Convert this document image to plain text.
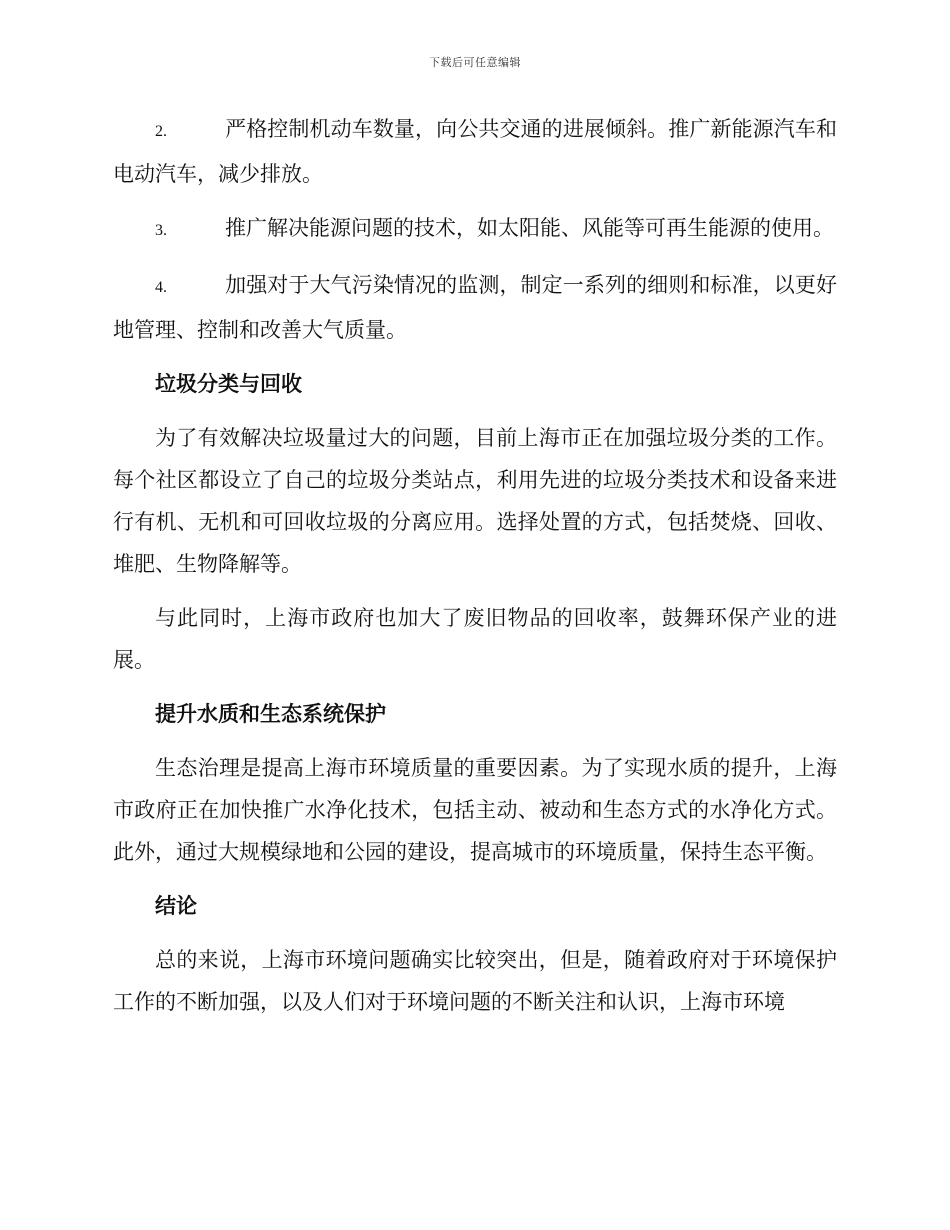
下载后可任意编辑

2.	严格控制机动车数量，向公共交通的进展倾斜。推广新能源汽车和电动汽车，减少排放。

3.	推广解决能源问题的技术，如太阳能、风能等可再生能源的使用。

4.	加强对于大气污染情况的监测，制定一系列的细则和标准，以更好地管理、控制和改善大气质量。

垃圾分类与回收

为了有效解决垃圾量过大的问题，目前上海市正在加强垃圾分类的工作。每个社区都设立了自己的垃圾分类站点，利用先进的垃圾分类技术和设备来进行有机、无机和可回收垃圾的分离应用。选择处置的方式，包括焚烧、回收、堆肥、生物降解等。

与此同时，上海市政府也加大了废旧物品的回收率，鼓舞环保产业的进展。

提升水质和生态系统保护

生态治理是提高上海市环境质量的重要因素。为了实现水质的提升，上海市政府正在加快推广水净化技术，包括主动、被动和生态方式的水净化方式。此外，通过大规模绿地和公园的建设，提高城市的环境质量，保持生态平衡。

结论

总的来说，上海市环境问题确实比较突出，但是，随着政府对于环境保护工作的不断加强，以及人们对于环境问题的不断关注和认识，上海市环境
